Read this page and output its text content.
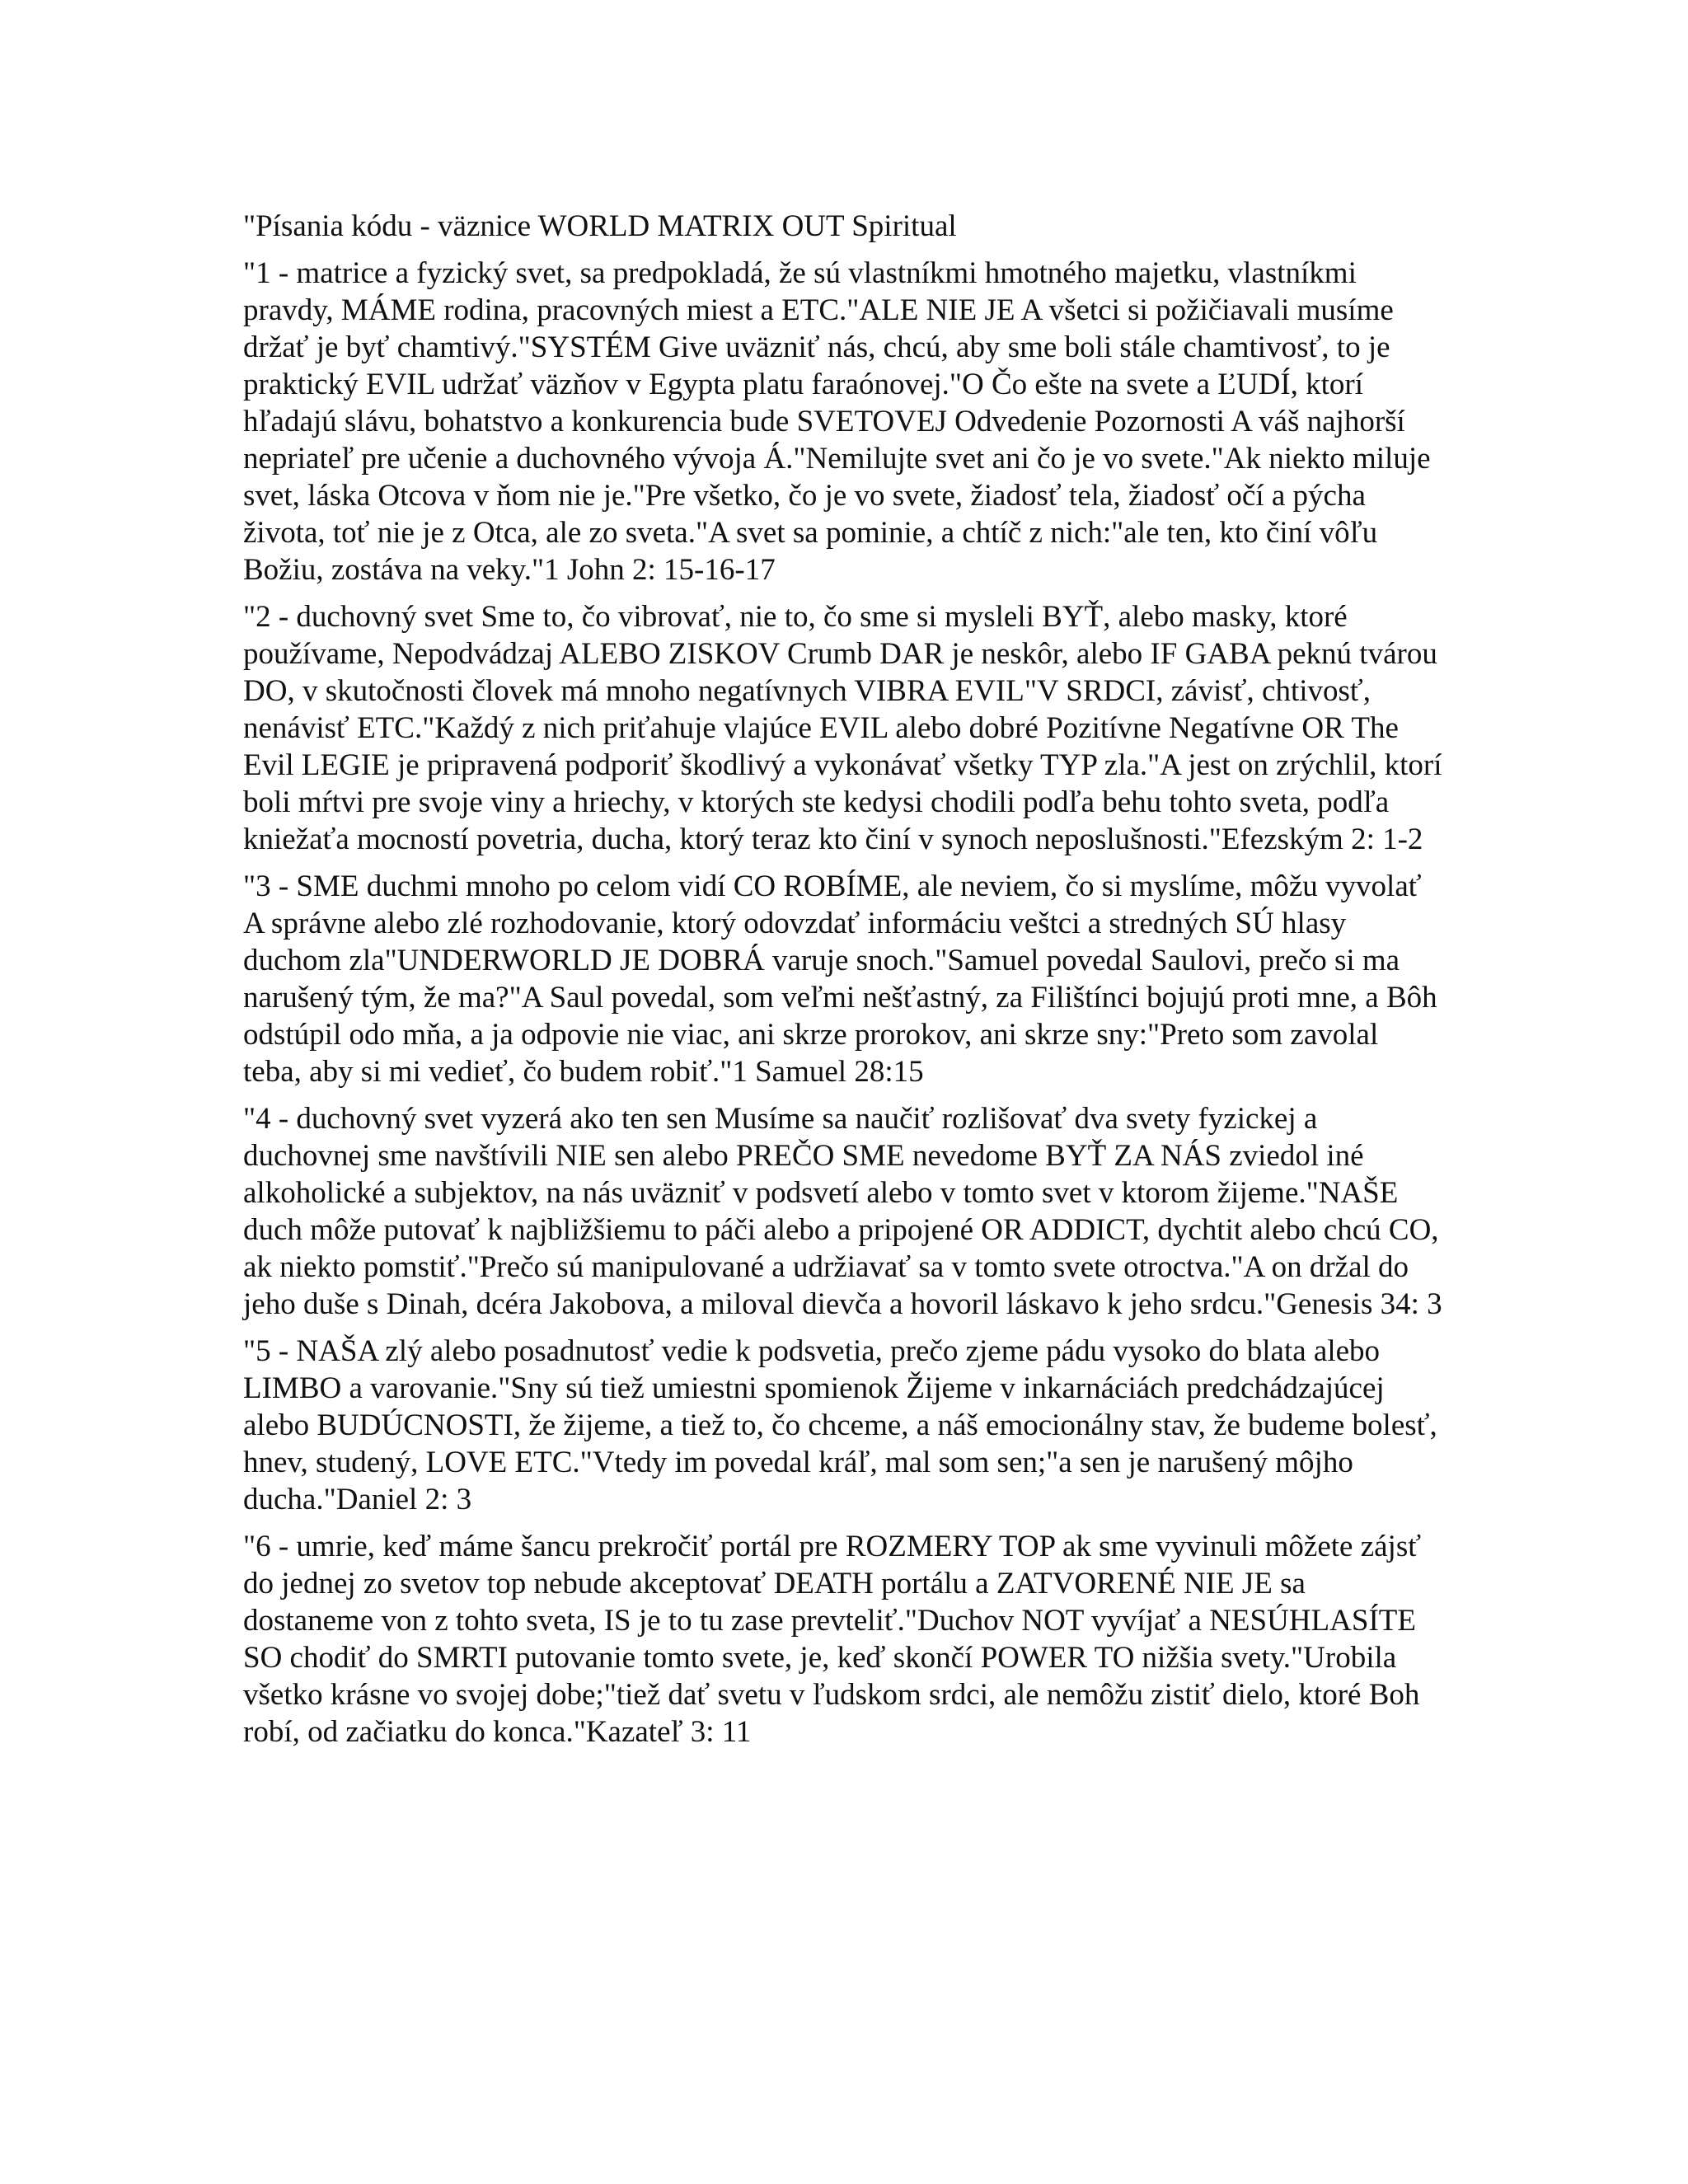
"Písania kódu - väznice WORLD MATRIX OUT Spiritual

"1 - matrice a fyzický svet, sa predpokladá, že sú vlastníkmi hmotného majetku, vlastníkmi pravdy, MÁME rodina, pracovných miest a ETC."ALE NIE JE A všetci si požičiavali musíme držať je byť chamtivý."SYSTÉM Give uväzniť nás, chcú, aby sme boli stále chamtivosť, to je praktický EVIL udržať väzňov v Egypta platu faraónovej."O Čo ešte na svete a ĽUDÍ, ktorí hľadajú slávu, bohatstvo a konkurencia bude SVETOVEJ Odvedenie Pozornosti A váš najhorší nepriateľ pre učenie a duchovného vývoja Á."Nemilujte svet ani čo je vo svete."Ak niekto miluje svet, láska Otcova v ňom nie je."Pre všetko, čo je vo svete, žiadosť tela, žiadosť očí a pýcha života, toť nie je z Otca, ale zo sveta."A svet sa pominie, a chtíč z nich:"ale ten, kto činí vôľu Božiu, zostáva na veky."1 John 2: 15-16-17

"2 - duchovný svet Sme to, čo vibrovať, nie to, čo sme si mysleli BYŤ, alebo masky, ktoré používame, Nepodvádzaj ALEBO ZISKOV Crumb DAR je neskôr, alebo IF GABA peknú tvárou DO, v skutočnosti človek má mnoho negatívnych VIBRA EVIL"V SRDCI, závisť, chtivosť, nenávisť ETC."Každý z nich priťahuje vlajúce EVIL alebo dobré Pozitívne Negatívne OR The Evil LEGIE je pripravená podporiť škodlivý a vykonávať všetky TYP zla."A jest on zrýchlil, ktorí boli mŕtvi pre svoje viny a hriechy, v ktorých ste kedysi chodili podľa behu tohto sveta, podľa kniežaťa mocností povetria, ducha, ktorý teraz kto činí v synoch neposlušnosti."Efezským 2: 1-2

"3 - SME duchmi mnoho po celom vidí CO ROBÍME, ale neviem, čo si myslíme, môžu vyvolať A správne alebo zlé rozhodovanie, ktorý odovzdať informáciu veštci a stredných SÚ hlasy duchom zla"UNDERWORLD JE DOBRÁ varuje snoch."Samuel povedal Saulovi, prečo si ma narušený tým, že ma?"A Saul povedal, som veľmi nešťastný, za Filištínci bojujú proti mne, a Bôh odstúpil odo mňa, a ja odpovie nie viac, ani skrze prorokov, ani skrze sny:"Preto som zavolal teba, aby si mi vedieť, čo budem robiť."1 Samuel 28:15

"4 - duchovný svet vyzerá ako ten sen Musíme sa naučiť rozlišovať dva svety fyzickej a duchovnej sme navštívili NIE sen alebo PREČO SME nevedome BYŤ ZA NÁS zviedol iné alkoholické a subjektov, na nás uväzniť v podsvetí alebo v tomto svet v ktorom žijeme."NAŠE duch môže putovať k najbližšiemu to páči alebo a pripojené OR ADDICT, dychtit alebo chcú CO, ak niekto pomstiť."Prečo sú manipulované a udržiavať sa v tomto svete otroctva."A on držal do jeho duše s Dinah, dcéra Jakobova, a miloval dievča a hovoril láskavo k jeho srdcu."Genesis 34: 3

"5 - NAŠA zlý alebo posadnutosť vedie k podsvetia, prečo zjeme pádu vysoko do blata alebo LIMBO a varovanie."Sny sú tiež umiestni spomienok Žijeme v inkarnáciách predchádzajúcej alebo BUDÚCNOSTI, že žijeme, a tiež to, čo chceme, a náš emocionálny stav, že budeme bolesť, hnev, studený, LOVE ETC."Vtedy im povedal kráľ, mal som sen;"a sen je narušený môjho ducha."Daniel 2: 3

"6 - umrie, keď máme šancu prekročiť portál pre ROZMERY TOP ak sme vyvinuli môžete zájsť do jednej zo svetov top nebude akceptovať DEATH portálu a ZATVORENÉ NIE JE sa dostaneme von z tohto sveta, IS je to tu zase prevteliť."Duchov NOT vyvíjať a NESÚHLASÍTE SO chodiť do SMRTI putovanie tomto svete, je, keď skončí POWER TO nižšia svety."Urobila všetko krásne vo svojej dobe;"tiež dať svetu v ľudskom srdci, ale nemôžu zistiť dielo, ktoré Boh robí, od začiatku do konca."Kazateľ 3: 11
